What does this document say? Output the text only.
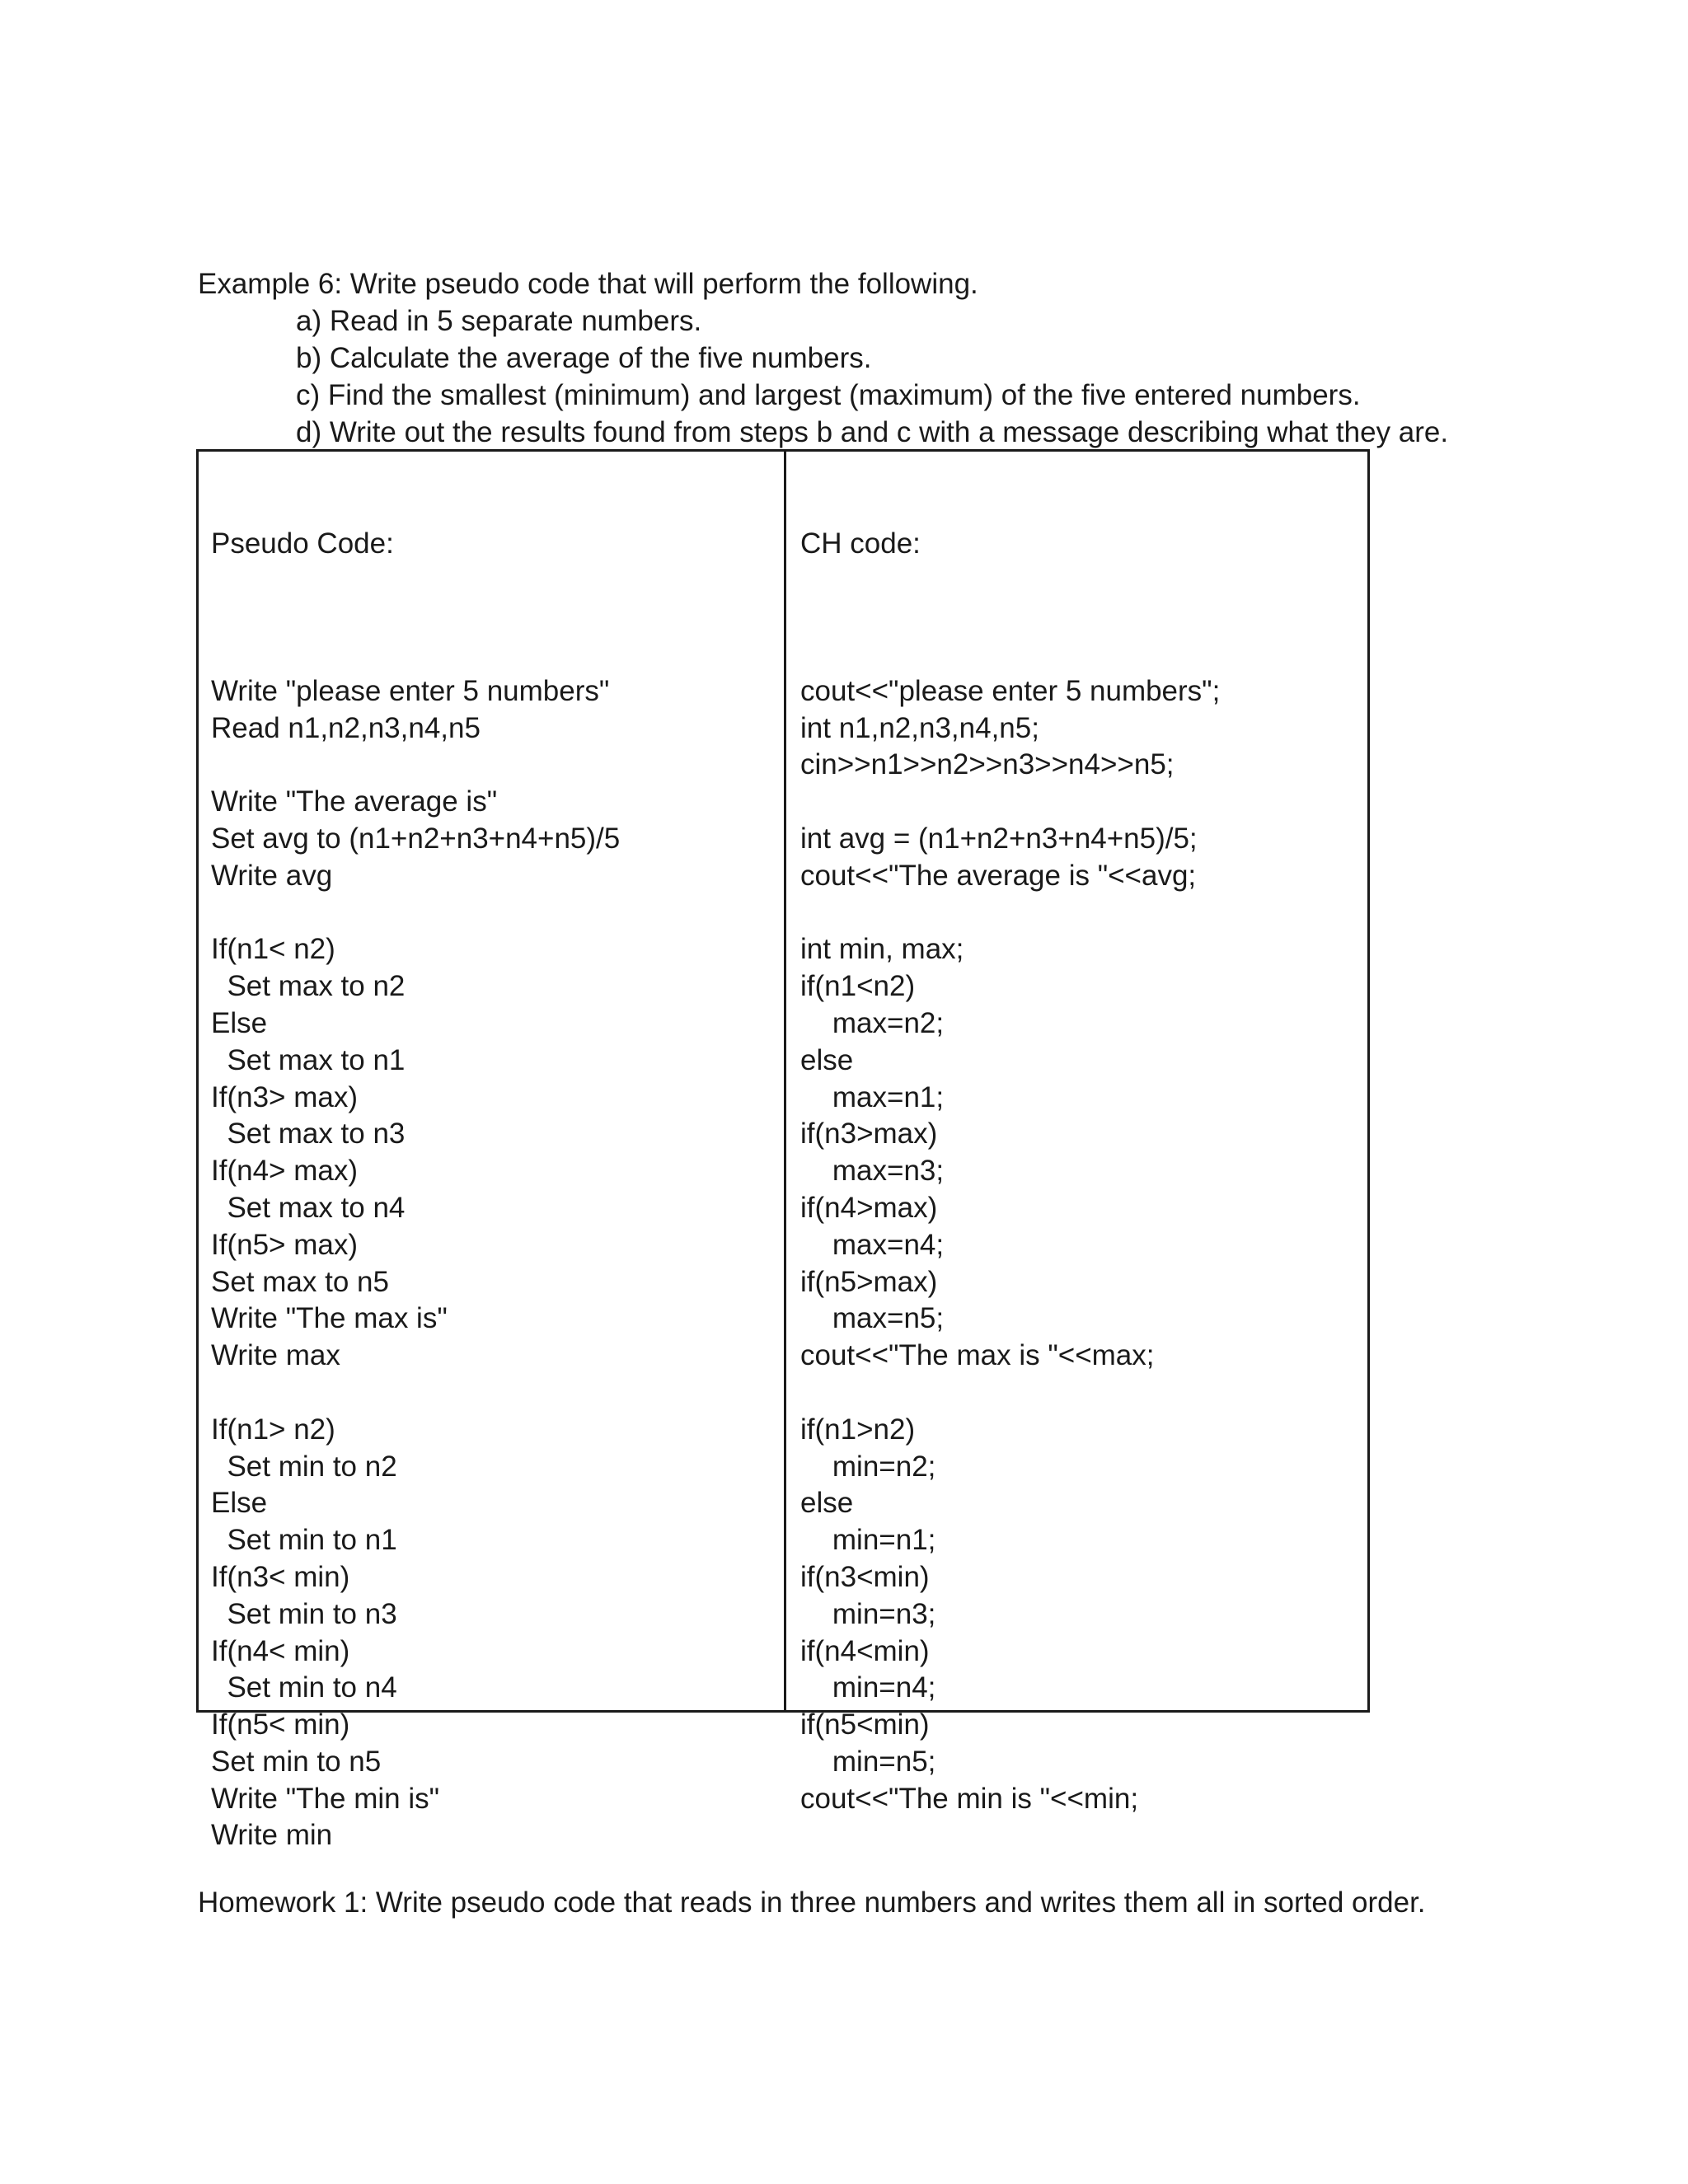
Example 6: Write pseudo code that will perform the following.
a) Read in 5 separate numbers.
b) Calculate the average of the five numbers.
c) Find the smallest (minimum) and largest (maximum) of the five entered numbers.
d) Write out the results found from steps b and c with a message describing what they are.

Pseudo Code:

Write "please enter 5 numbers"
Read n1,n2,n3,n4,n5
Write "The average is"
Set avg to (n1+n2+n3+n4+n5)/5
Write avg
If(n1< n2)
Set max to n2
Else
Set max to n1
If(n3> max)
Set max to n3
If(n4> max)
Set max to n4
If(n5> max)
Set max to n5
Write "The max is"
Write max
If(n1> n2)
Set min to n2
Else
Set min to n1
If(n3< min)
Set min to n3
If(n4< min)
Set min to n4
If(n5< min)
Set min to n5
Write "The min is"
Write min

CH code:

cout<<"please enter 5 numbers";
int n1,n2,n3,n4,n5;
cin>>n1>>n2>>n3>>n4>>n5;
int avg = (n1+n2+n3+n4+n5)/5;
cout<<"The average is "<<avg;
int min, max;
if(n1<n2)
max=n2;
else
max=n1;
if(n3>max)
max=n3;
if(n4>max)
max=n4;
if(n5>max)
max=n5;
cout<<"The max is "<<max;
if(n1>n2)
min=n2;
else
min=n1;
if(n3<min)
min=n3;
if(n4<min)
min=n4;
if(n5<min)
min=n5;
cout<<"The min is "<<min;
Homework 1: Write pseudo code that reads in three numbers and writes them all in sorted order.
